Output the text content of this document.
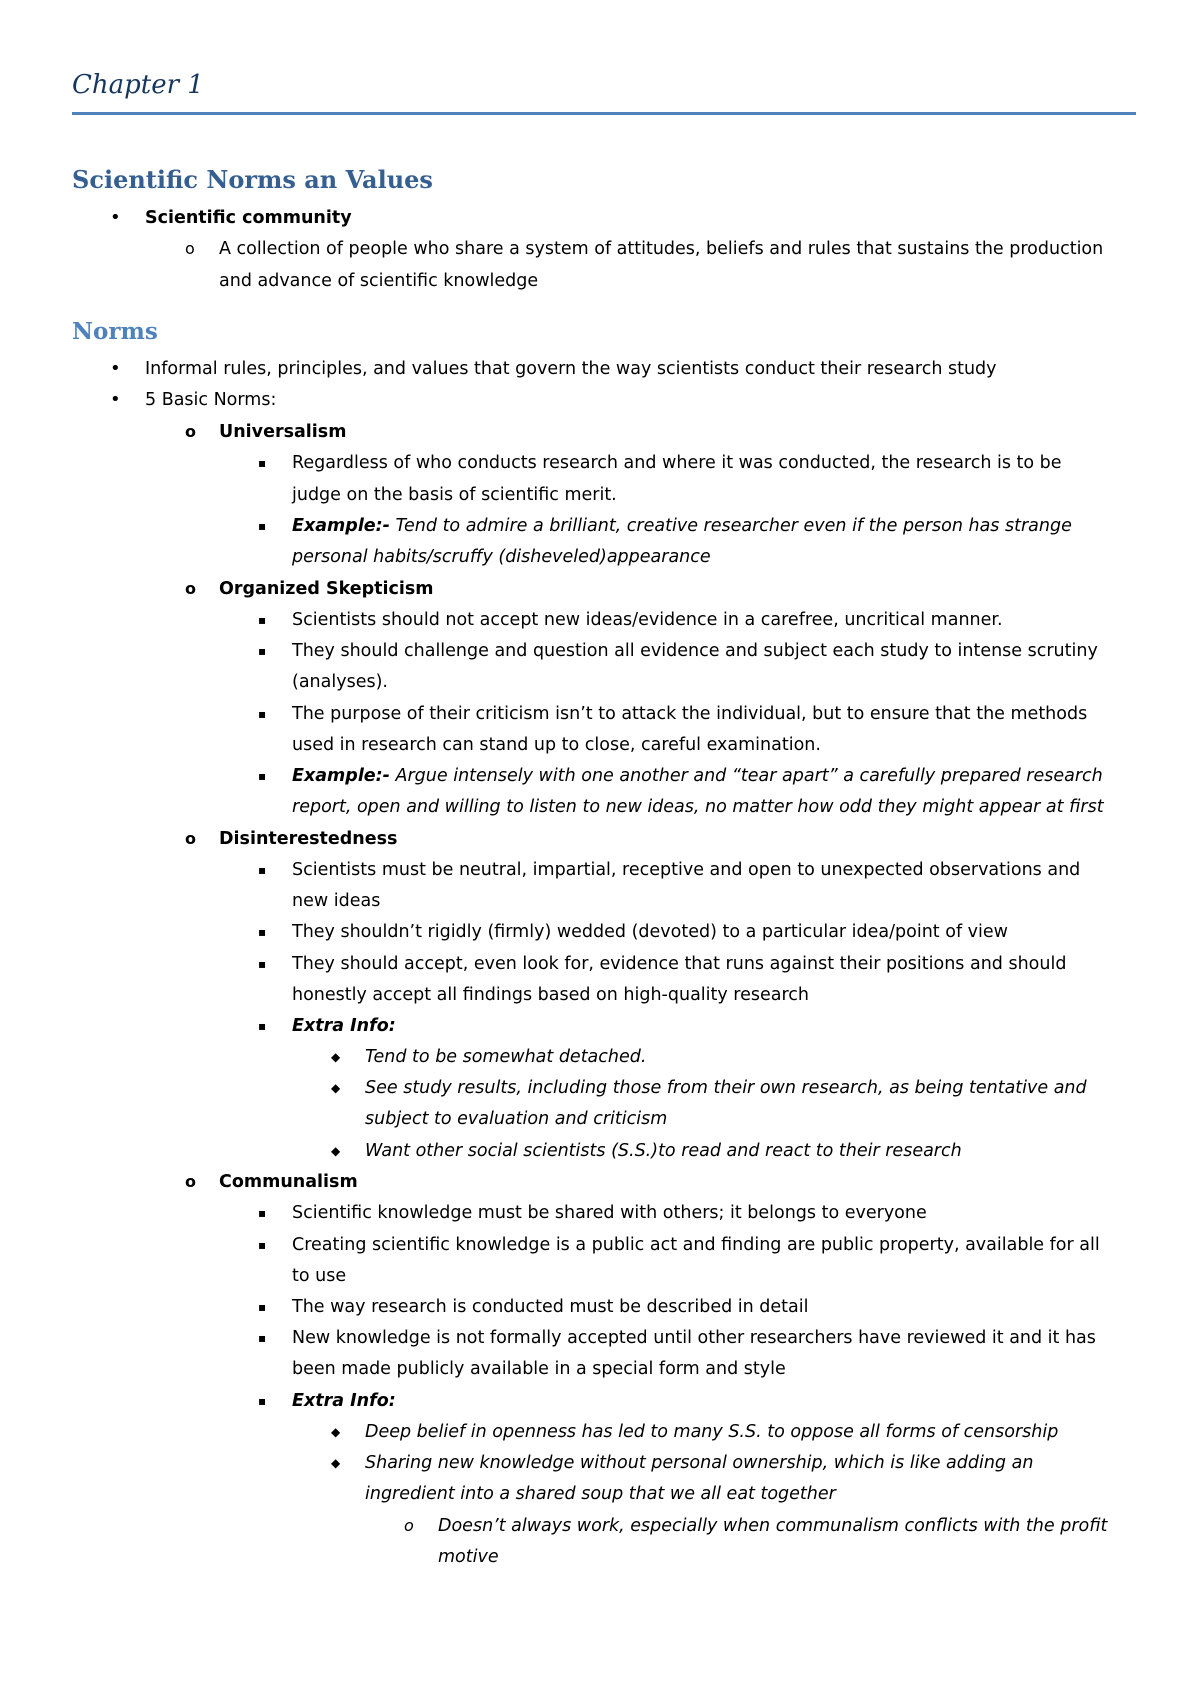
Chapter 1
Scientific Norms an Values
• Scientific community
o A collection of people who share a system of attitudes, beliefs and rules that sustains the production
and advance of scientific knowledge
Norms
• Informal rules, principles, and values that govern the way scientists conduct their research study
• 5 Basic Norms:
o Universalism
▪ Regardless of who conducts research and where it was conducted, the research is to be
judge on the basis of scientific merit.
▪ Example:- Tend to admire a brilliant, creative researcher even if the person has strange
personal habits/scruffy (disheveled)appearance
o Organized Skepticism
▪ Scientists should not accept new ideas/evidence in a carefree, uncritical manner.
▪ They should challenge and question all evidence and subject each study to intense scrutiny
(analyses).
▪ The purpose of their criticism isn’t to attack the individual, but to ensure that the methods
used in research can stand up to close, careful examination.
▪ Example:- Argue intensely with one another and “tear apart” a carefully prepared research
report, open and willing to listen to new ideas, no matter how odd they might appear at first
o Disinterestedness
▪ Scientists must be neutral, impartial, receptive and open to unexpected observations and
new ideas
▪ They shouldn’t rigidly (firmly) wedded (devoted) to a particular idea/point of view
▪ They should accept, even look for, evidence that runs against their positions and should
honestly accept all findings based on high-quality research
▪ Extra Info:
◆ Tend to be somewhat detached.
◆ See study results, including those from their own research, as being tentative and
subject to evaluation and criticism
◆ Want other social scientists (S.S.)to read and react to their research
o Communalism
▪ Scientific knowledge must be shared with others; it belongs to everyone
▪ Creating scientific knowledge is a public act and finding are public property, available for all
to use
▪ The way research is conducted must be described in detail
▪ New knowledge is not formally accepted until other researchers have reviewed it and it has
been made publicly available in a special form and style
▪ Extra Info:
◆ Deep belief in openness has led to many S.S. to oppose all forms of censorship
◆ Sharing new knowledge without personal ownership, which is like adding an
ingredient into a shared soup that we all eat together
o Doesn’t always work, especially when communalism conflicts with the profit
motive
